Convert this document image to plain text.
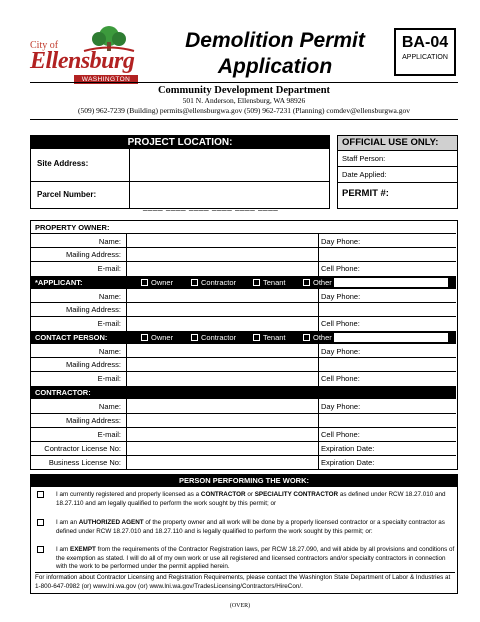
City of
Ellensburg
WASHINGTON
Demolition Permit
Application
BA-04
APPLICATION
Community Development Department
501 N. Anderson, Ellensburg, WA 98926
(509) 962-7239 (Building) permits@ellensburgwa.gov (509) 962-7231 (Planning) comdev@ellensburgwa.gov
PROJECT LOCATION:
Site Address:
Parcel Number:
____ ____ ____ ____ ____ ____
OFFICIAL USE ONLY:
Staff Person:
Date Applied:
PERMIT #:
PROPERTY OWNER:
Name:	Day Phone:
Mailing Address:
E-mail:	Cell Phone:
*APPLICANT:	Owner	Contractor	Tenant	Other
Name:	Day Phone:
Mailing Address:
E-mail:	Cell Phone:
CONTACT PERSON:	Owner	Contractor	Tenant	Other
Name:	Day Phone:
Mailing Address:
E-mail:	Cell Phone:
CONTRACTOR:
Name:	Day Phone:
Mailing Address:
E-mail:	Cell Phone:
Contractor License No:	Expiration Date:
Business License No:	Expiration Date:
PERSON PERFORMING THE WORK:
I am currently registered and properly licensed as a CONTRACTOR or SPECIALITY CONTRACTOR as defined under RCW 18.27.010 and 18.27.110 and am legally qualified to perform the work sought by this permit; or
I am an AUTHORIZED AGENT of the property owner and all work will be done by a properly licensed contractor or a specialty contractor as defined under RCW 18.27.010 and 18.27.110 and is legally qualified to perform the work sought by this permit; or:
I am EXEMPT from the requirements of the Contractor Registration laws, per RCW 18.27.090, and will abide by all provisions and conditions of the exemption as stated. I will do all of my own work or use all registered and licensed contractors and/or specialty contractors in connection with the work to be performed under the permit applied herein.
For information about Contractor Licensing and Registration Requirements, please contact the Washington State Department of Labor & Industries at 1-800-647-0982 (or) www.lni.wa.gov (or) www.lni.wa.gov/TradesLicensing/Contractors/HireCon/.
(OVER)
